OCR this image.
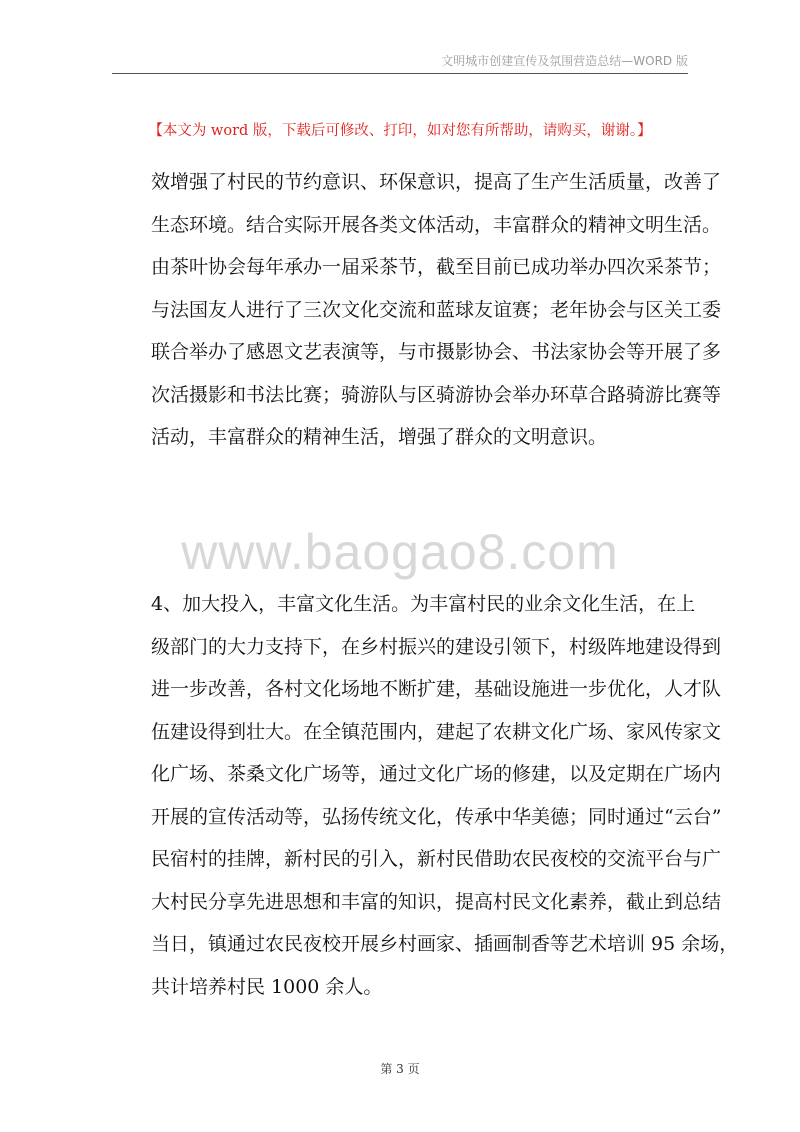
文明城市创建宣传及氛围营造总结—WORD 版
【本文为 word 版，下载后可修改、打印，如对您有所帮助，请购买，谢谢。】
效增强了村民的节约意识、环保意识，提高了生产生活质量，改善了
生态环境。结合实际开展各类文体活动，丰富群众的精神文明生活。
由茶叶协会每年承办一届采茶节，截至目前已成功举办四次采茶节；
与法国友人进行了三次文化交流和蓝球友谊赛；老年协会与区关工委
联合举办了感恩文艺表演等，与市摄影协会、书法家协会等开展了多
次活摄影和书法比赛；骑游队与区骑游协会举办环草合路骑游比赛等
活动，丰富群众的精神生活，增强了群众的文明意识。
www.baogao8.com
4、加大投入，丰富文化生活。为丰富村民的业余文化生活，在上
级部门的大力支持下，在乡村振兴的建设引领下，村级阵地建设得到
进一步改善，各村文化场地不断扩建，基础设施进一步优化，人才队
伍建设得到壮大。在全镇范围内，建起了农耕文化广场、家风传家文
化广场、茶桑文化广场等，通过文化广场的修建，以及定期在广场内
开展的宣传活动等，弘扬传统文化，传承中华美德；同时通过“云台”
民宿村的挂牌，新村民的引入，新村民借助农民夜校的交流平台与广
大村民分享先进思想和丰富的知识，提高村民文化素养，截止到总结
当日，镇通过农民夜校开展乡村画家、插画制香等艺术培训 95 余场，
共计培养村民 1000 余人。
第 3 页
